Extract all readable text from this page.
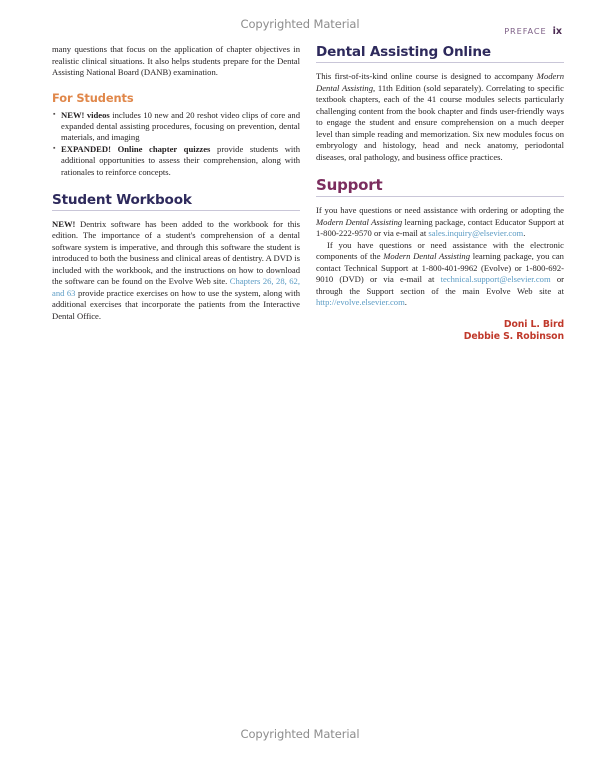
Copyrighted Material	PREFACE ix

many questions that focus on the application of chapter objectives in realistic clinical situations. It also helps students prepare for the Dental Assisting National Board (DANB) examination.

For Students
▪ NEW! videos includes 10 new and 20 reshot video clips of core and expanded dental assisting procedures, focusing on prevention, dental materials, and imaging
▪ EXPANDED! Online chapter quizzes provide students with additional opportunities to assess their comprehension, along with rationales to reinforce concepts.
Student Workbook

NEW! Dentrix software has been added to the workbook for this edition. The importance of a student's comprehension of a dental software system is imperative, and through this software the student is introduced to both the business and clinical areas of dentistry. A DVD is included with the workbook, and the instructions on how to download the software can be found on the Evolve Web site. Chapters 26, 28, 62, and 63 provide practice exercises on how to use the system, along with additional exercises that incorporate the patients from the Interactive Dental Office.

Dental Assisting Online

This first-of-its-kind online course is designed to accompany Modern Dental Assisting, 11th Edition (sold separately). Correlating to specific textbook chapters, each of the 41 course modules selects particularly challenging content from the book chapter and finds user-friendly ways to engage the student and ensure comprehension on a much deeper level than simple reading and memorization. Six new modules focus on embryology and histology, head and neck anatomy, periodontal diseases, oral pathology, and business office practices.

Support

If you have questions or need assistance with ordering or adopting the Modern Dental Assisting learning package, contact Educator Support at 1-800-222-9570 or via e-mail at sales.inquiry@elsevier.com.

If you have questions or need assistance with the electronic components of the Modern Dental Assisting learning package, you can contact Technical Support at 1-800-401-9962 (Evolve) or 1-800-692-9010 (DVD) or via e-mail at technical.support@elsevier.com or through the Support section of the main Evolve Web site at http://evolve.elsevier.com.

Doni L. Bird
Debbie S. Robinson
Copyrighted Material
